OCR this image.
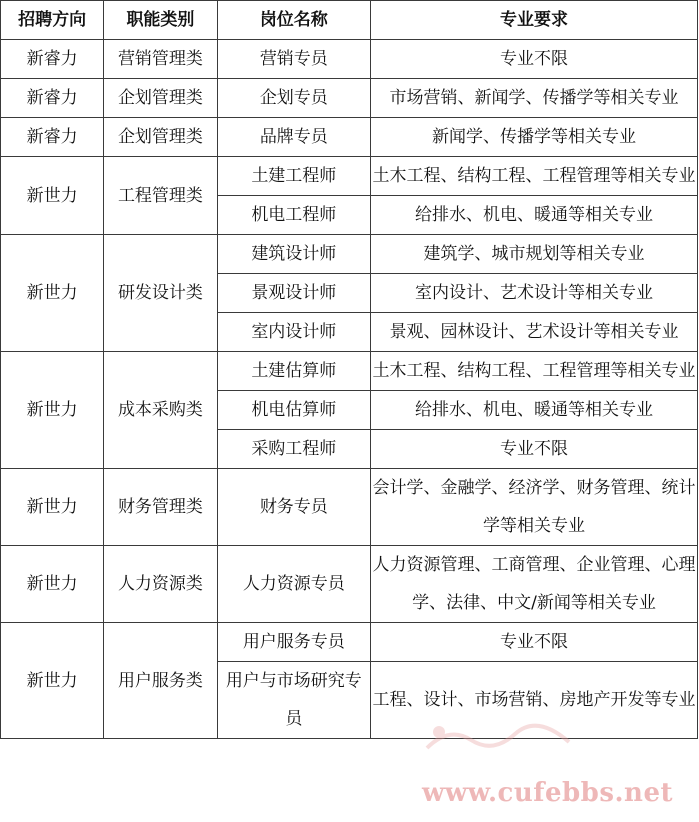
招聘方向	职能类别	岗位名称	专业要求
新睿力	营销管理类	营销专员	专业不限
新睿力	企划管理类	企划专员	市场营销、新闻学、传播学等相关专业
新睿力	企划管理类	品牌专员	新闻学、传播学等相关专业
新世力	工程管理类	土建工程师	土木工程、结构工程、工程管理等相关专业
		机电工程师	给排水、机电、暖通等相关专业
新世力	研发设计类	建筑设计师	建筑学、城市规划等相关专业
		景观设计师	室内设计、艺术设计等相关专业
		室内设计师	景观、园林设计、艺术设计等相关专业
新世力	成本采购类	土建估算师	土木工程、结构工程、工程管理等相关专业
		机电估算师	给排水、机电、暖通等相关专业
		采购工程师	专业不限
新世力	财务管理类	财务专员	会计学、金融学、经济学、财务管理、统计学等相关专业
新世力	人力资源类	人力资源专员	人力资源管理、工商管理、企业管理、心理学、法律、中文/新闻等相关专业
新世力	用户服务类	用户服务专员	专业不限
		用户与市场研究专员	工程、设计、市场营销、房地产开发等专业
www.cufebbs.net
